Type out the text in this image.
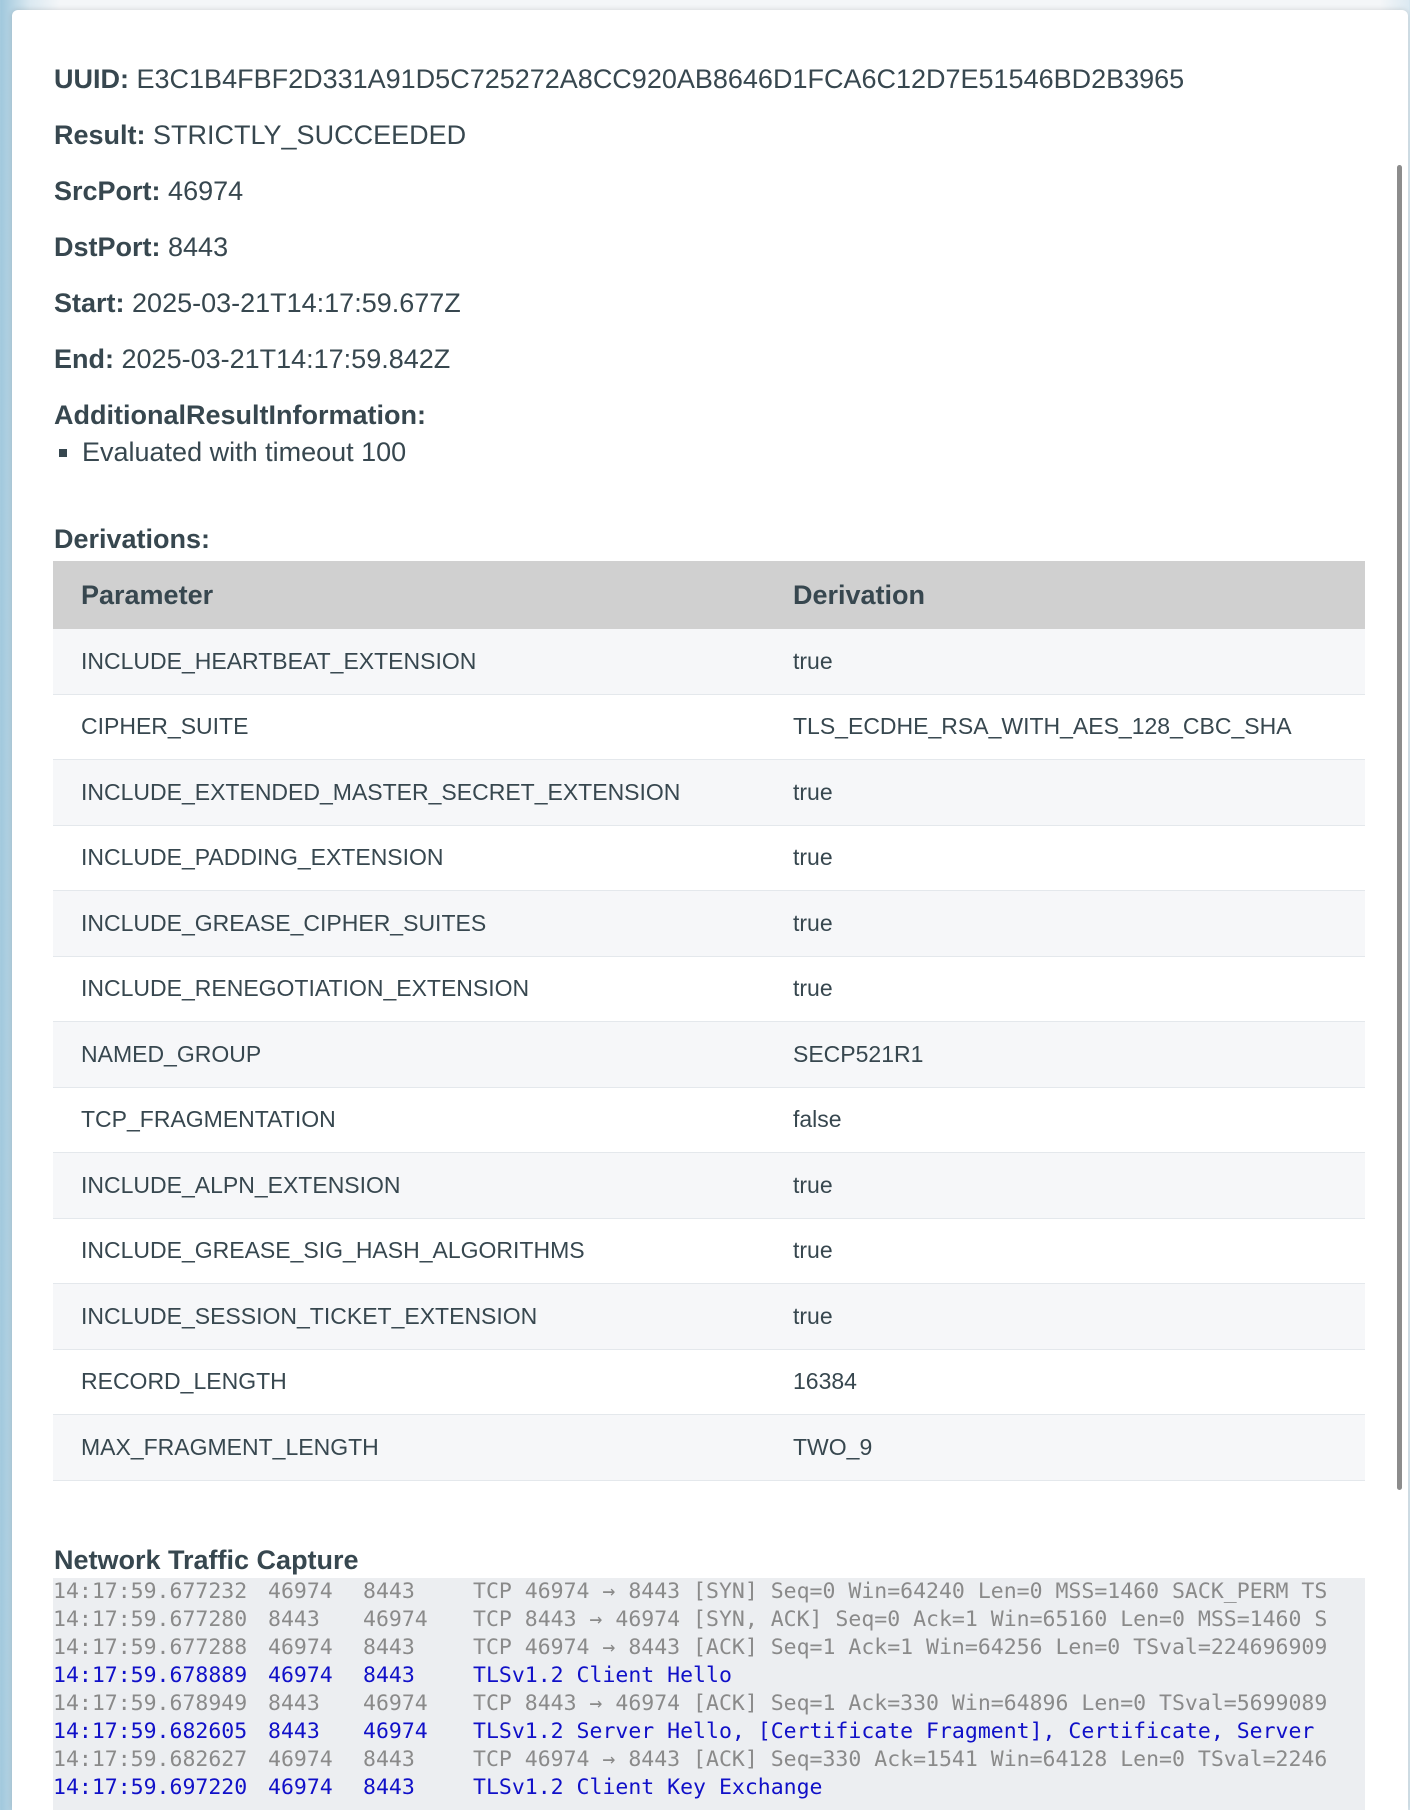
UUID: E3C1B4FBF2D331A91D5C725272A8CC920AB8646D1FCA6C12D7E51546BD2B3965

Result: STRICTLY_SUCCEEDED

SrcPort: 46974

DstPort: 8443

Start: 2025-03-21T14:17:59.677Z

End: 2025-03-21T14:17:59.842Z

AdditionalResultInformation:

Evaluated with timeout 100
Derivations:
Parameter	Derivation
INCLUDE_HEARTBEAT_EXTENSION	true
CIPHER_SUITE	TLS_ECDHE_RSA_WITH_AES_128_CBC_SHA
INCLUDE_EXTENDED_MASTER_SECRET_EXTENSION	true
INCLUDE_PADDING_EXTENSION	true
INCLUDE_GREASE_CIPHER_SUITES	true
INCLUDE_RENEGOTIATION_EXTENSION	true
NAMED_GROUP	SECP521R1
TCP_FRAGMENTATION	false
INCLUDE_ALPN_EXTENSION	true
INCLUDE_GREASE_SIG_HASH_ALGORITHMS	true
INCLUDE_SESSION_TICKET_EXTENSION	true
RECORD_LENGTH	16384
MAX_FRAGMENT_LENGTH	TWO_9
Network Traffic Capture
14:17:59.677232 46974 8443	TCP 46974 → 8443 [SYN] Seq=0 Win=64240 Len=0 MSS=1460 SACK_PERM TS
14:17:59.677280 8443 46974 TCP 8443 → 46974 [SYN, ACK] Seq=0 Ack=1 Win=65160 Len=0 MSS=1460 S
14:17:59.677288 46974 8443	TCP 46974 → 8443 [ACK] Seq=1 Ack=1 Win=64256 Len=0 TSval=224696909
14:17:59.678889 46974 8443	TLSv1.2 Client Hello
14:17:59.678949 8443 46974 TCP 8443 → 46974 [ACK] Seq=1 Ack=330 Win=64896 Len=0 TSval=5699089
14:17:59.682605 8443 46974 TLSv1.2 Server Hello, [Certificate Fragment], Certificate, Server
14:17:59.682627 46974 8443	TCP 46974 → 8443 [ACK] Seq=330 Ack=1541 Win=64128 Len=0 TSval=2246
14:17:59.697220 46974 8443	TLSv1.2 Client Key Exchange
